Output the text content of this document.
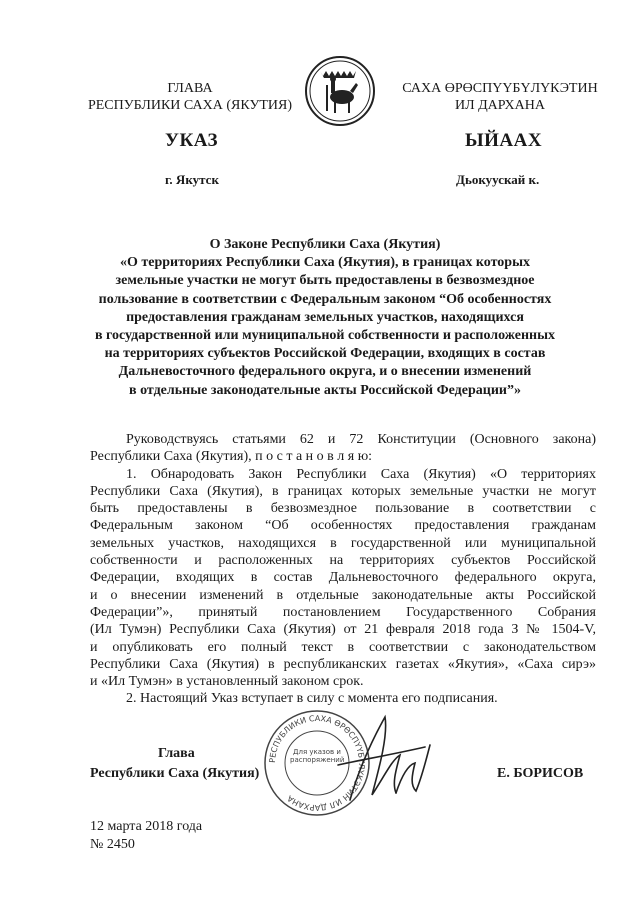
ГЛАВА
РЕСПУБЛИКИ САХА (ЯКУТИЯ)
УКАЗ
г. Якутск
САХА ӨРӨСПYYБYЛYКЭТИН
ИЛ ДАРХАНА
ЫЙААХ
Дьокуускай к.
О Законе Республики Саха (Якутия)
«О территориях Республики Саха (Якутия), в границах которых
земельные участки не могут быть предоставлены в безвозмездное
пользование в соответствии с Федеральным законом “Об особенностях
предоставления гражданам земельных участков, находящихся
в государственной или муниципальной собственности и расположенных
на территориях субъектов Российской Федерации, входящих в состав
Дальневосточного федерального округа, и о внесении изменений
в отдельные законодательные акты Российской Федерации”»

Руководствуясь статьями 62 и 72 Конституции (Основного закона)

Республики Саха (Якутия), п о с т а н о в л я ю:

1. Обнародовать Закон Республики Саха (Якутия) «О территориях

Республики Саха (Якутия), в границах которых земельные участки не могут

быть предоставлены в безвозмездное пользование в соответствии с

Федеральным законом “Об особенностях предоставления гражданам

земельных участков, находящихся в государственной или муниципальной

собственности и расположенных на территориях субъектов Российской

Федерации, входящих в состав Дальневосточного федерального округа,

и о внесении изменений в отдельные законодательные акты Российской

Федерации”», принятый постановлением Государственного Собрания

(Ил Тумэн) Республики Саха (Якутия) от 21 февраля 2018 года З № 1504-V,

и опубликовать его полный текст в соответствии с законодательством

Республики Саха (Якутия) в республиканских газетах «Якутия», «Саха сирэ»

и «Ил Тумэн» в установленный законом срок.

2. Настоящий Указ вступает в силу с момента его подписания.

Глава
Республики Саха (Якутия)	Е. БОРИСОВ
РЕСПУБЛИКИ САХА ӨРӨСПYYБYЛYКЭТИН ИЛ ДАРХАНА
Для указов и распоряжений
12 марта 2018 года
№ 2450
